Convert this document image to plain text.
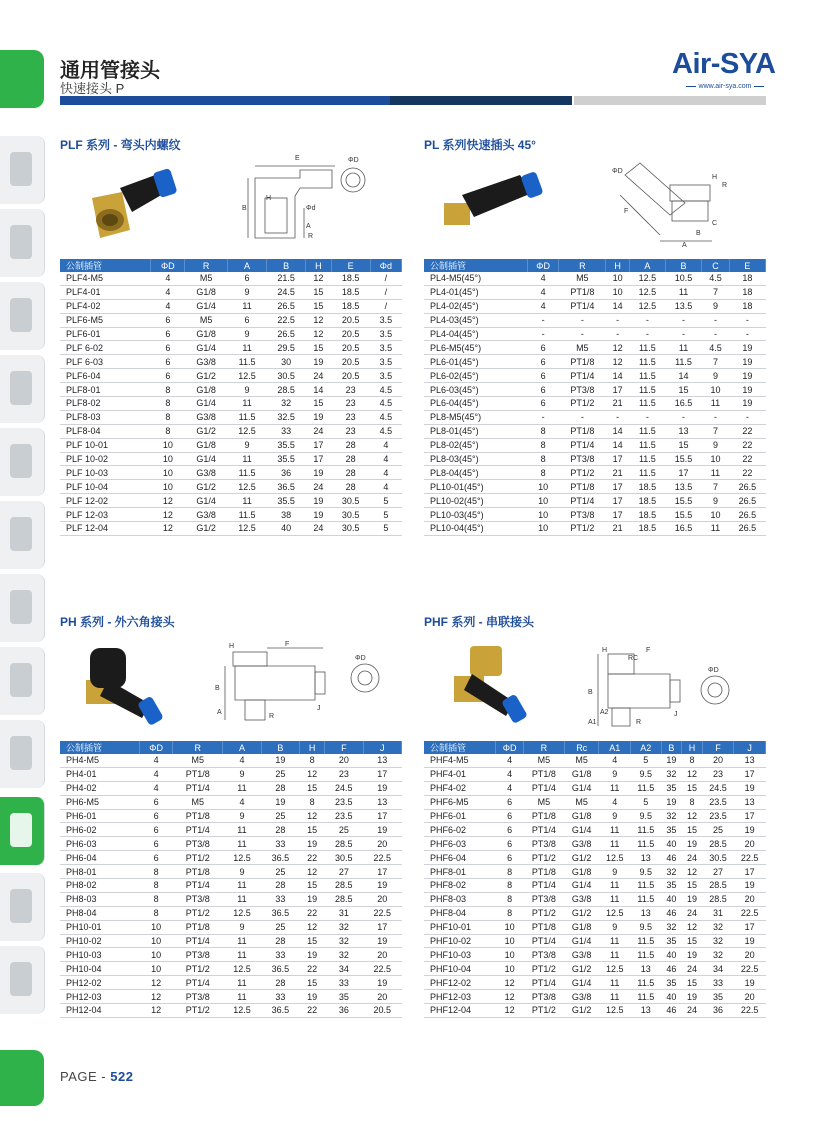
通用管接头
快速接头 P
Air-SYA
www.air-sya.com
PLF 系列 - 弯头内螺纹
E	ΦD
B
H
Φd
A
R
公制插管	ΦD	R	A	B	H	E	Φd
PLF4-M5	4	M5	6	21.5	12	18.5	/
PLF4-01	4	G1/8	9	24.5	15	18.5	/
PLF4-02	4	G1/4	11	26.5	15	18.5	/
PLF6-M5	6	M5	6	22.5	12	20.5	3.5
PLF6-01	6	G1/8	9	26.5	12	20.5	3.5
PLF 6-02	6	G1/4	11	29.5	15	20.5	3.5
PLF 6-03	6	G3/8	11.5	30	19	20.5	3.5
PLF6-04	6	G1/2	12.5	30.5	24	20.5	3.5
PLF8-01	8	G1/8	9	28.5	14	23	4.5
PLF8-02	8	G1/4	11	32	15	23	4.5
PLF8-03	8	G3/8	11.5	32.5	19	23	4.5
PLF8-04	8	G1/2	12.5	33	24	23	4.5
PLF 10-01	10	G1/8	9	35.5	17	28	4
PLF 10-02	10	G1/4	11	35.5	17	28	4
PLF 10-03	10	G3/8	11.5	36	19	28	4
PLF 10-04	10	G1/2	12.5	36.5	24	28	4
PLF 12-02	12	G1/4	11	35.5	19	30.5	5
PLF 12-03	12	G3/8	11.5	38	19	30.5	5
PLF 12-04	12	G1/2	12.5	40	24	30.5	5
PL 系列快速插头 45°
ΦD
H
R
F
C
B
A
公制插管	ΦD	R	H	A	B	C	E
PL4-M5(45°)	4	M5	10	12.5	10.5	4.5	18
PL4-01(45°)	4	PT1/8	10	12.5	11	7	18
PL4-02(45°)	4	PT1/4	14	12.5	13.5	9	18
PL4-03(45°)	-	-	-	-	-	-	-
PL4-04(45°)	-	-	-	-	-	-	-
PL6-M5(45°)	6	M5	12	11.5	11	4.5	19
PL6-01(45°)	6	PT1/8	12	11.5	11.5	7	19
PL6-02(45°)	6	PT1/4	14	11.5	14	9	19
PL6-03(45°)	6	PT3/8	17	11.5	15	10	19
PL6-04(45°)	6	PT1/2	21	11.5	16.5	11	19
PL8-M5(45°)	-	-	-	-	-	-	-
PL8-01(45°)	8	PT1/8	14	11.5	13	7	22
PL8-02(45°)	8	PT1/4	14	11.5	15	9	22
PL8-03(45°)	8	PT3/8	17	11.5	15.5	10	22
PL8-04(45°)	8	PT1/2	21	11.5	17	11	22
PL10-01(45°)	10	PT1/8	17	18.5	13.5	7	26.5
PL10-02(45°)	10	PT1/4	17	18.5	15.5	9	26.5
PL10-03(45°)	10	PT3/8	17	18.5	15.5	10	26.5
PL10-04(45°)	10	PT1/2	21	18.5	16.5	11	26.5
PH 系列 - 外六角接头
H	F
ΦD
B
A
R
J
公制插管	ΦD	R	A	B	H	F	J
PH4-M5	4	M5	4	19	8	20	13
PH4-01	4	PT1/8	9	25	12	23	17
PH4-02	4	PT1/4	11	28	15	24.5	19
PH6-M5	6	M5	4	19	8	23.5	13
PH6-01	6	PT1/8	9	25	12	23.5	17
PH6-02	6	PT1/4	11	28	15	25	19
PH6-03	6	PT3/8	11	33	19	28.5	20
PH6-04	6	PT1/2	12.5	36.5	22	30.5	22.5
PH8-01	8	PT1/8	9	25	12	27	17
PH8-02	8	PT1/4	11	28	15	28.5	19
PH8-03	8	PT3/8	11	33	19	28.5	20
PH8-04	8	PT1/2	12.5	36.5	22	31	22.5
PH10-01	10	PT1/8	9	25	12	32	17
PH10-02	10	PT1/4	11	28	15	32	19
PH10-03	10	PT3/8	11	33	19	32	20
PH10-04	10	PT1/2	12.5	36.5	22	34	22.5
PH12-02	12	PT1/4	11	28	15	33	19
PH12-03	12	PT3/8	11	33	19	35	20
PH12-04	12	PT1/2	12.5	36.5	22	36	20.5
PHF 系列 - 串联接头
H
RC
F
ΦD
B
A1
A2
R
J
公制插管	ΦD	R	Rc	A1	A2	B	H	F	J
PHF4-M5	4	M5	M5	4	5	19	8	20	13
PHF4-01	4	PT1/8	G1/8	9	9.5	32	12	23	17
PHF4-02	4	PT1/4	G1/4	11	11.5	35	15	24.5	19
PHF6-M5	6	M5	M5	4	5	19	8	23.5	13
PHF6-01	6	PT1/8	G1/8	9	9.5	32	12	23.5	17
PHF6-02	6	PT1/4	G1/4	11	11.5	35	15	25	19
PHF6-03	6	PT3/8	G3/8	11	11.5	40	19	28.5	20
PHF6-04	6	PT1/2	G1/2	12.5	13	46	24	30.5	22.5
PHF8-01	8	PT1/8	G1/8	9	9.5	32	12	27	17
PHF8-02	8	PT1/4	G1/4	11	11.5	35	15	28.5	19
PHF8-03	8	PT3/8	G3/8	11	11.5	40	19	28.5	20
PHF8-04	8	PT1/2	G1/2	12.5	13	46	24	31	22.5
PHF10-01	10	PT1/8	G1/8	9	9.5	32	12	32	17
PHF10-02	10	PT1/4	G1/4	11	11.5	35	15	32	19
PHF10-03	10	PT3/8	G3/8	11	11.5	40	19	32	20
PHF10-04	10	PT1/2	G1/2	12.5	13	46	24	34	22.5
PHF12-02	12	PT1/4	G1/4	11	11.5	35	15	33	19
PHF12-03	12	PT3/8	G3/8	11	11.5	40	19	35	20
PHF12-04	12	PT1/2	G1/2	12.5	13	46	24	36	22.5
PAGE - 522
